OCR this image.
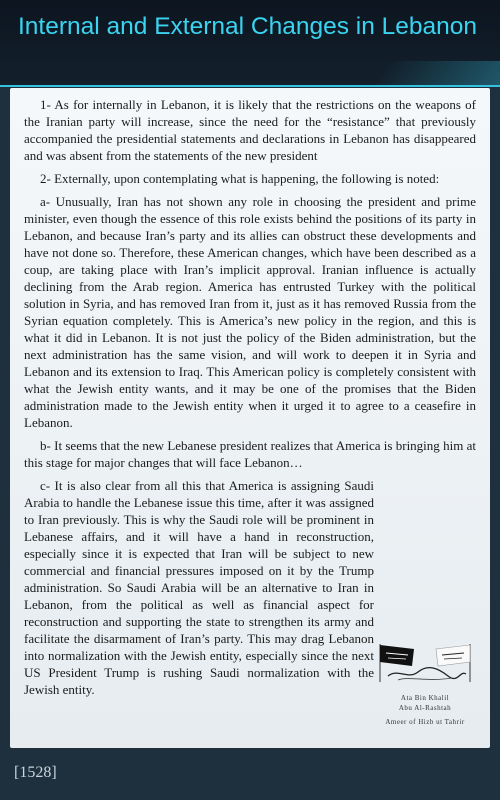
Internal and External Changes in Lebanon

1- As for internally in Lebanon, it is likely that the restrictions on the weapons of the Iranian party will increase, since the need for the “resistance” that previously accompanied the presidential statements and declarations in Lebanon has disappeared and was absent from the statements of the new president

2- Externally, upon contemplating what is happening, the following is noted:

a- Unusually, Iran has not shown any role in choosing the president and prime minister, even though the essence of this role exists behind the positions of its party in Lebanon, and because Iran’s party and its allies can obstruct these developments and have not done so. Therefore, these American changes, which have been described as a coup, are taking place with Iran’s implicit approval. Iranian influence is actually declining from the Arab region. America has entrusted Turkey with the political solution in Syria, and has removed Iran from it, just as it has removed Russia from the Syrian equation completely. This is America’s new policy in the region, and this is what it did in Lebanon. It is not just the policy of the Biden administration, but the next administration has the same vision, and will work to deepen it in Syria and Lebanon and its extension to Iraq. This American policy is completely consistent with what the Jewish entity wants, and it may be one of the promises that the Biden administration made to the Jewish entity when it urged it to agree to a ceasefire in Lebanon.

b- It seems that the new Lebanese president realizes that America is bringing him at this stage for major changes that will face Lebanon…

c- It is also clear from all this that America is assigning Saudi Arabia to handle the Lebanese issue this time, after it was assigned to Iran previously. This is why the Saudi role will be prominent in Lebanese affairs, and it will have a hand in reconstruction, especially since it is expected that Iran will be subject to new commercial and financial pressures imposed on it by the Trump administration. So Saudi Arabia will be an alternative to Iran in Lebanon, from the political as well as financial aspect for reconstruction and supporting the state to strengthen its army and facilitate the disarmament of Iran’s party. This may drag Lebanon into normalization with the Jewish entity, especially since the next US President Trump is rushing Saudi normalization with the Jewish entity.

Ata Bin Khalil
Abu Al-Rashtah
Ameer of Hizb ut Tahrir
[1528]
